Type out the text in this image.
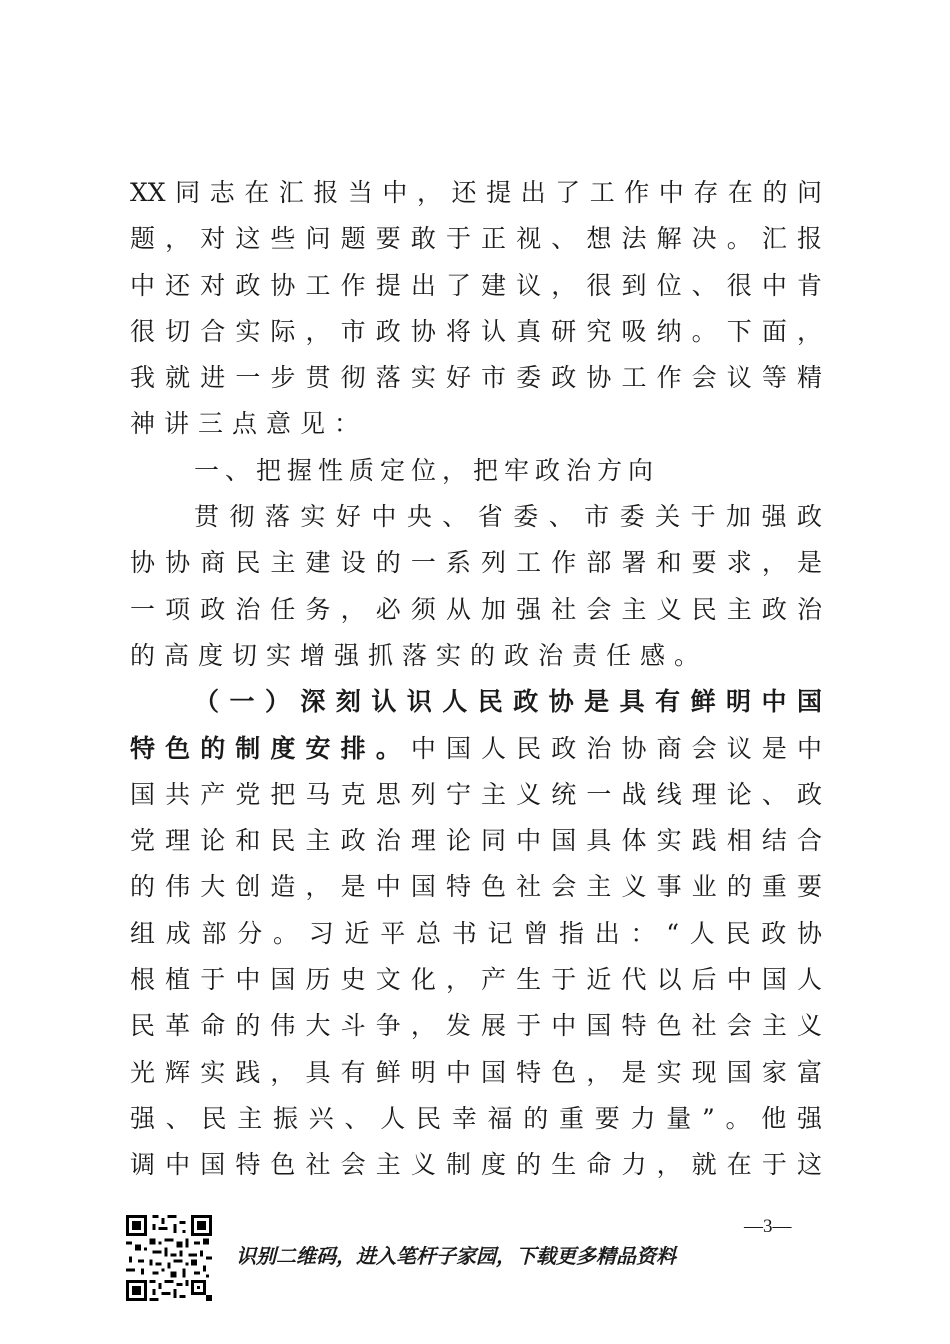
XX同志在汇报当中，还提出了工作中存在的问
题，对这些问题要敢于正视、想法解决。汇报
中还对政协工作提出了建议，很到位、很中肯
很切合实际，市政协将认真研究吸纳。下面，
我就进一步贯彻落实好市委政协工作会议等精
神讲三点意见：
一、把握性质定位，把牢政治方向
贯彻落实好中央、省委、市委关于加强政
协协商民主建设的一系列工作部署和要求，是
一项政治任务，必须从加强社会主义民主政治
的高度切实增强抓落实的政治责任感。
（一）深刻认识人民政协是具有鲜明中国
特色的制度安排。中国人民政治协商会议是中
国共产党把马克思列宁主义统一战线理论、政
党理论和民主政治理论同中国具体实践相结合
的伟大创造，是中国特色社会主义事业的重要
组成部分。习近平总书记曾指出：“人民政协
根植于中国历史文化，产生于近代以后中国人
民革命的伟大斗争，发展于中国特色社会主义
光辉实践，具有鲜明中国特色，是实现国家富
强、民主振兴、人民幸福的重要力量”。他强
调中国特色社会主义制度的生命力，就在于这
识别二维码，进入笔杆子家园，下载更多精品资料
—3—
